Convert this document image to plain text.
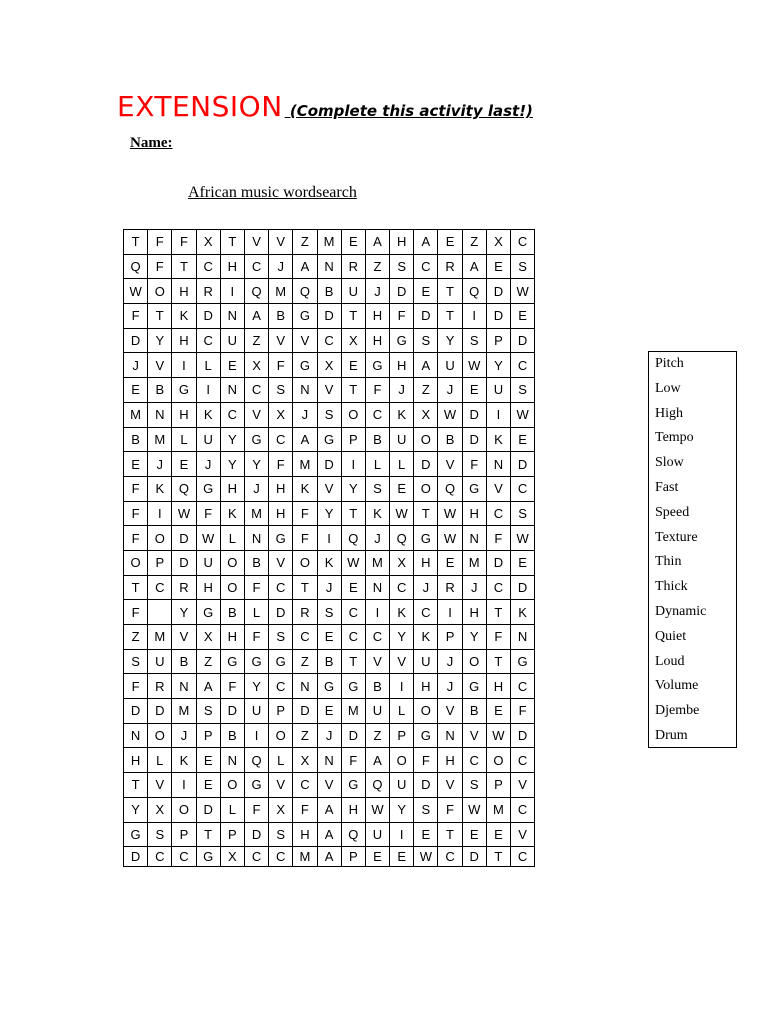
EXTENSION (Complete this activity last!)
Name:
African music wordsearch
T	F	F	X	T	V	V	Z	M	E	A	H	A	E	Z	X	C
Q	F	T	C	H	C	J	A	N	R	Z	S	C	R	A	E	S
W	O	H	R	I	Q	M	Q	B	U	J	D	E	T	Q	D	W
F	T	K	D	N	A	B	G	D	T	H	F	D	T	I	D	E
D	Y	H	C	U	Z	V	V	C	X	H	G	S	Y	S	P	D
J	V	I	L	E	X	F	G	X	E	G	H	A	U	W	Y	C
E	B	G	I	N	C	S	N	V	T	F	J	Z	J	E	U	S
M	N	H	K	C	V	X	J	S	O	C	K	X	W	D	I	W
B	M	L	U	Y	G	C	A	G	P	B	U	O	B	D	K	E
E	J	E	J	Y	Y	F	M	D	I	L	L	D	V	F	N	D
F	K	Q	G	H	J	H	K	V	Y	S	E	O	Q	G	V	C
F	I	W	F	K	M	H	F	Y	T	K	W	T	W	H	C	S
F	O	D	W	L	N	G	F	I	Q	J	Q	G	W	N	F	W
O	P	D	U	O	B	V	O	K	W	M	X	H	E	M	D	E
T	C	R	H	O	F	C	T	J	E	N	C	J	R	J	C	D
F		Y	G	B	L	D	R	S	C	I	K	C	I	H	T	K
Z	M	V	X	H	F	S	C	E	C	C	Y	K	P	Y	F	N
S	U	B	Z	G	G	G	Z	B	T	V	V	U	J	O	T	G
F	R	N	A	F	Y	C	N	G	G	B	I	H	J	G	H	C
D	D	M	S	D	U	P	D	E	M	U	L	O	V	B	E	F
N	O	J	P	B	I	O	Z	J	D	Z	P	G	N	V	W	D
H	L	K	E	N	Q	L	X	N	F	A	O	F	H	C	O	C
T	V	I	E	O	G	V	C	V	G	Q	U	D	V	S	P	V
Y	X	O	D	L	F	X	F	A	H	W	Y	S	F	W	M	C
G	S	P	T	P	D	S	H	A	Q	U	I	E	T	E	E	V
D	C	C	G	X	C	C	M	A	P	E	E	W	C	D	T	C
Pitch
Low
High
Tempo
Slow
Fast
Speed
Texture
Thin
Thick
Dynamic
Quiet
Loud
Volume
Djembe
Drum
